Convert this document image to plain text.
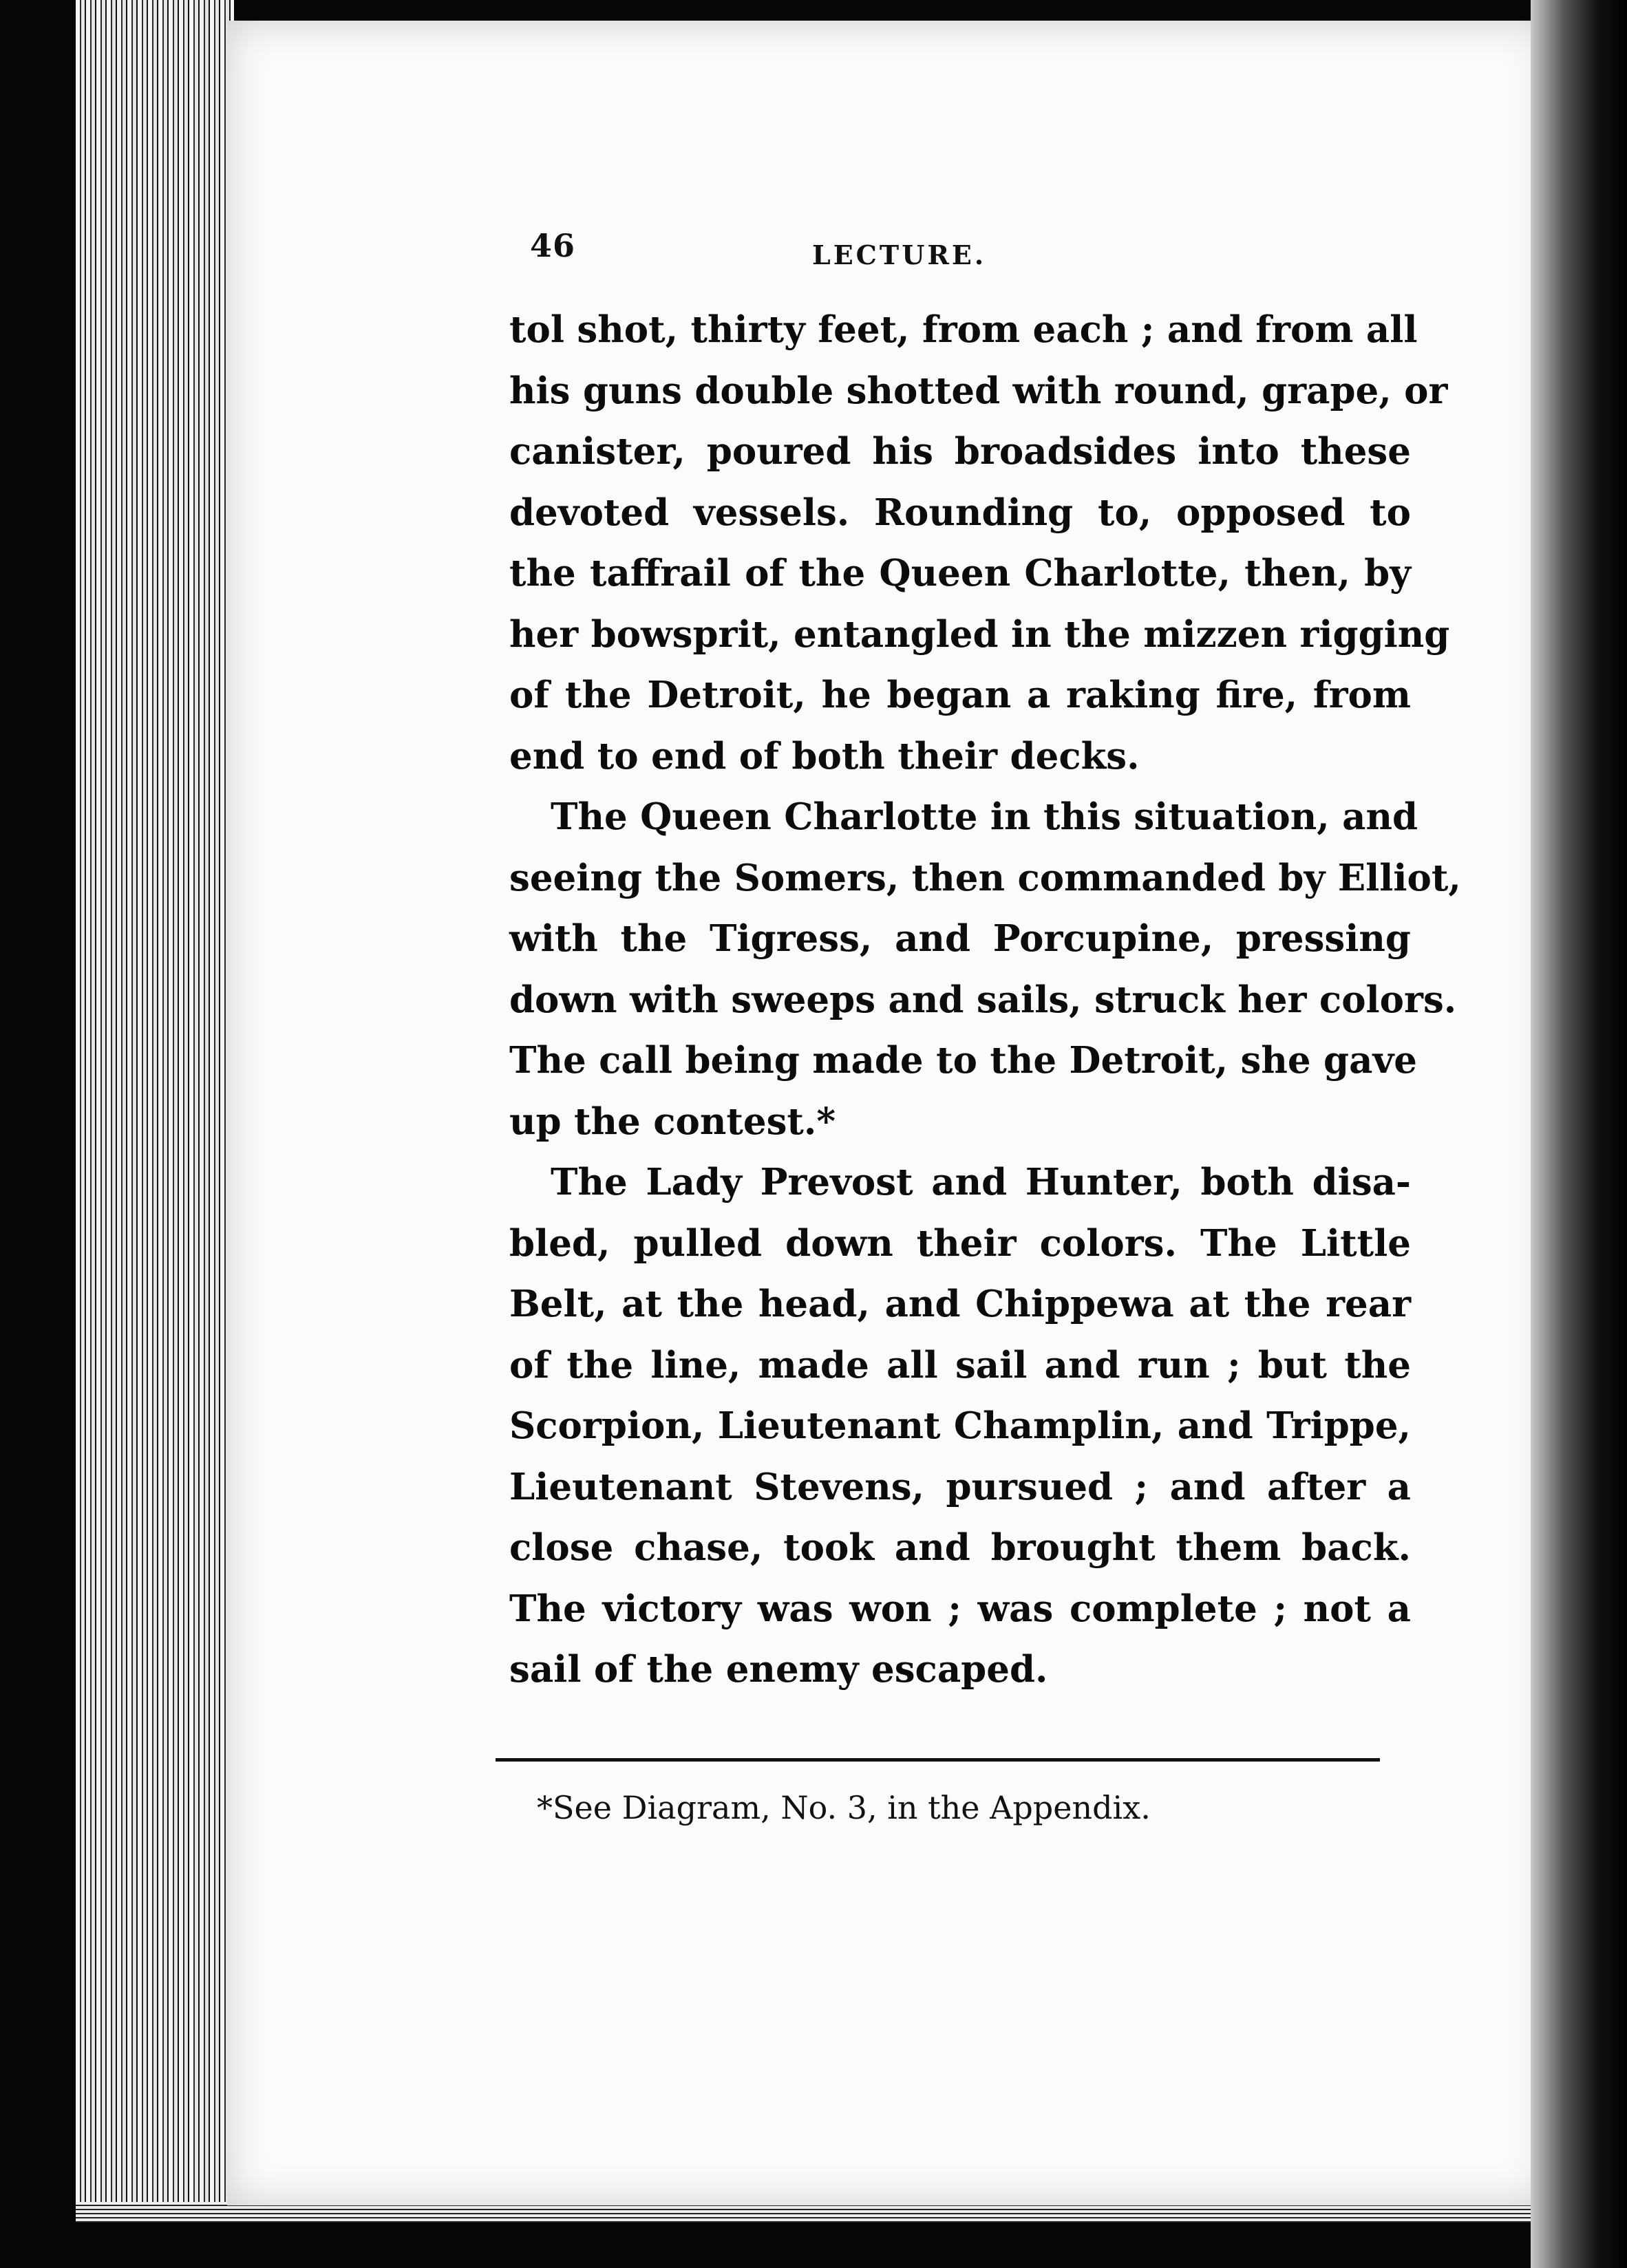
46	LECTURE.

tol shot, thirty feet, from each ; and from all
his guns double shotted with round, grape, or
canister, poured his broadsides into these
devoted vessels. Rounding to, opposed to
the taffrail of the Queen Charlotte, then, by
her bowsprit, entangled in the mizzen rigging
of the Detroit, he began a raking fire, from
end to end of both their decks.

The Queen Charlotte in this situation, and
seeing the Somers, then commanded by Elliot,
with the Tigress, and Porcupine, pressing
down with sweeps and sails, struck her colors.
The call being made to the Detroit, she gave
up the contest.*

The Lady Prevost and Hunter, both disa-
bled, pulled down their colors. The Little
Belt, at the head, and Chippewa at the rear
of the line, made all sail and run ; but the
Scorpion, Lieutenant Champlin, and Trippe,
Lieutenant Stevens, pursued ; and after a
close chase, took and brought them back.
The victory was won ; was complete ; not a
sail of the enemy escaped.

*See Diagram, No. 3, in the Appendix.
